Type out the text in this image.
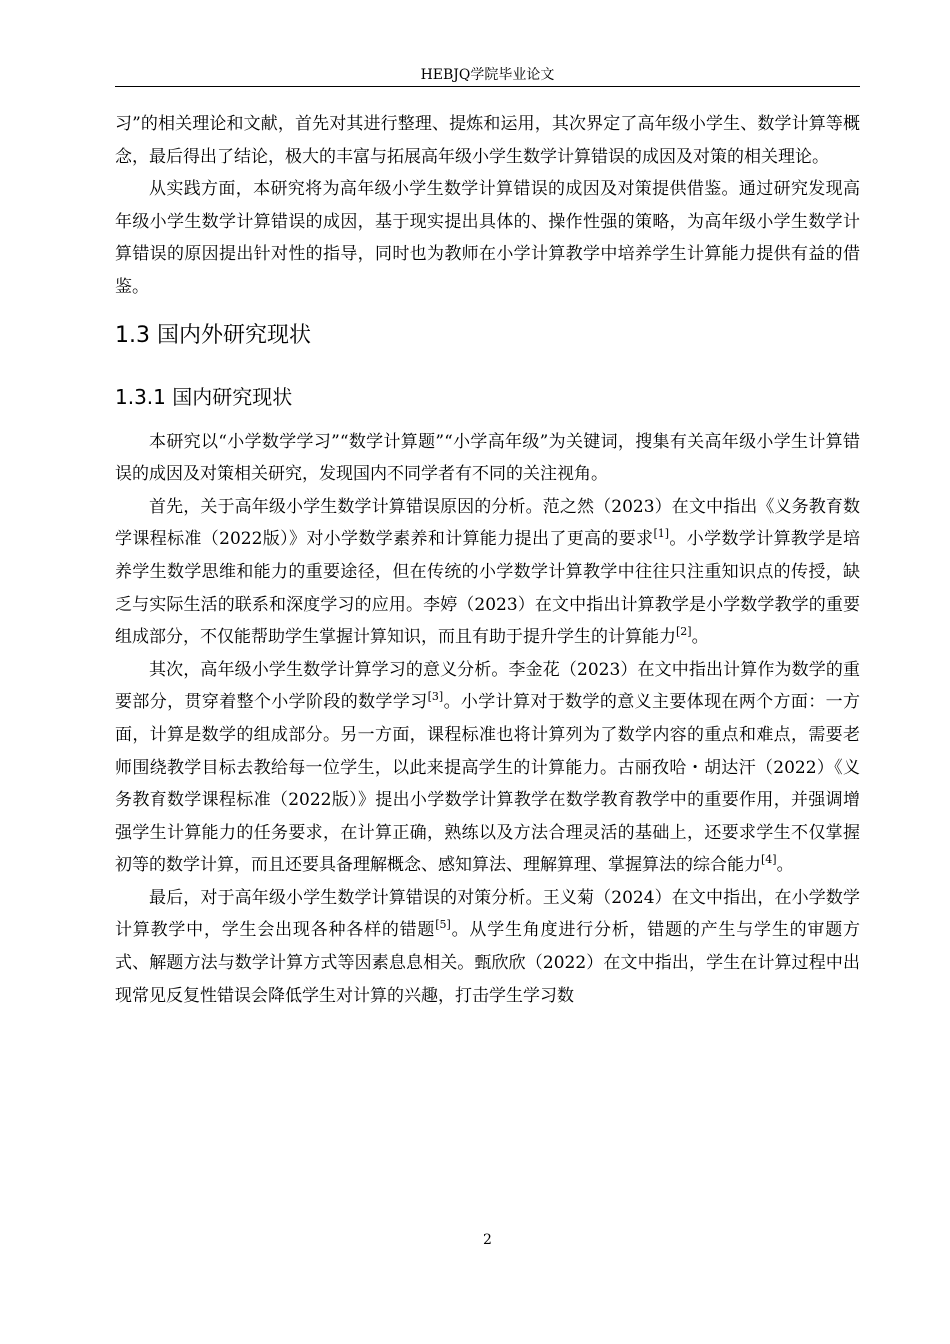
HEBJQ学院毕业论文

习”的相关理论和文献，首先对其进行整理、提炼和运用，其次界定了高年级小学生、数学计算等概念，最后得出了结论，极大的丰富与拓展高年级小学生数学计算错误的成因及对策的相关理论。

从实践方面，本研究将为高年级小学生数学计算错误的成因及对策提供借鉴。通过研究发现高年级小学生数学计算错误的成因，基于现实提出具体的、操作性强的策略，为高年级小学生数学计算错误的原因提出针对性的指导，同时也为教师在小学计算教学中培养学生计算能力提供有益的借鉴。

1.3 国内外研究现状
1.3.1 国内研究现状

本研究以“小学数学学习”“数学计算题”“小学高年级”为关键词，搜集有关高年级小学生计算错误的成因及对策相关研究，发现国内不同学者有不同的关注视角。

首先，关于高年级小学生数学计算错误原因的分析。范之然（2023）在文中指出《义务教育数学课程标准（2022版）》对小学数学素养和计算能力提出了更高的要求[1]。小学数学计算教学是培养学生数学思维和能力的重要途径，但在传统的小学数学计算教学中往往只注重知识点的传授，缺乏与实际生活的联系和深度学习的应用。李婷（2023）在文中指出计算教学是小学数学教学的重要组成部分，不仅能帮助学生掌握计算知识，而且有助于提升学生的计算能力[2]。

其次，高年级小学生数学计算学习的意义分析。李金花（2023）在文中指出计算作为数学的重要部分，贯穿着整个小学阶段的数学学习[3]。小学计算对于数学的意义主要体现在两个方面：一方面，计算是数学的组成部分。另一方面，课程标准也将计算列为了数学内容的重点和难点，需要老师围绕教学目标去教给每一位学生，以此来提高学生的计算能力。古丽孜哈・胡达汗（2022）《义务教育数学课程标准（2022版）》提出小学数学计算教学在数学教育教学中的重要作用，并强调增强学生计算能力的任务要求，在计算正确，熟练以及方法合理灵活的基础上，还要求学生不仅掌握初等的数学计算，而且还要具备理解概念、感知算法、理解算理、掌握算法的综合能力[4]。

最后，对于高年级小学生数学计算错误的对策分析。王义菊（2024）在文中指出，在小学数学计算教学中，学生会出现各种各样的错题[5]。从学生角度进行分析，错题的产生与学生的审题方式、解题方法与数学计算方式等因素息息相关。甄欣欣（2022）在文中指出，学生在计算过程中出现常见反复性错误会降低学生对计算的兴趣，打击学生学习数

2
